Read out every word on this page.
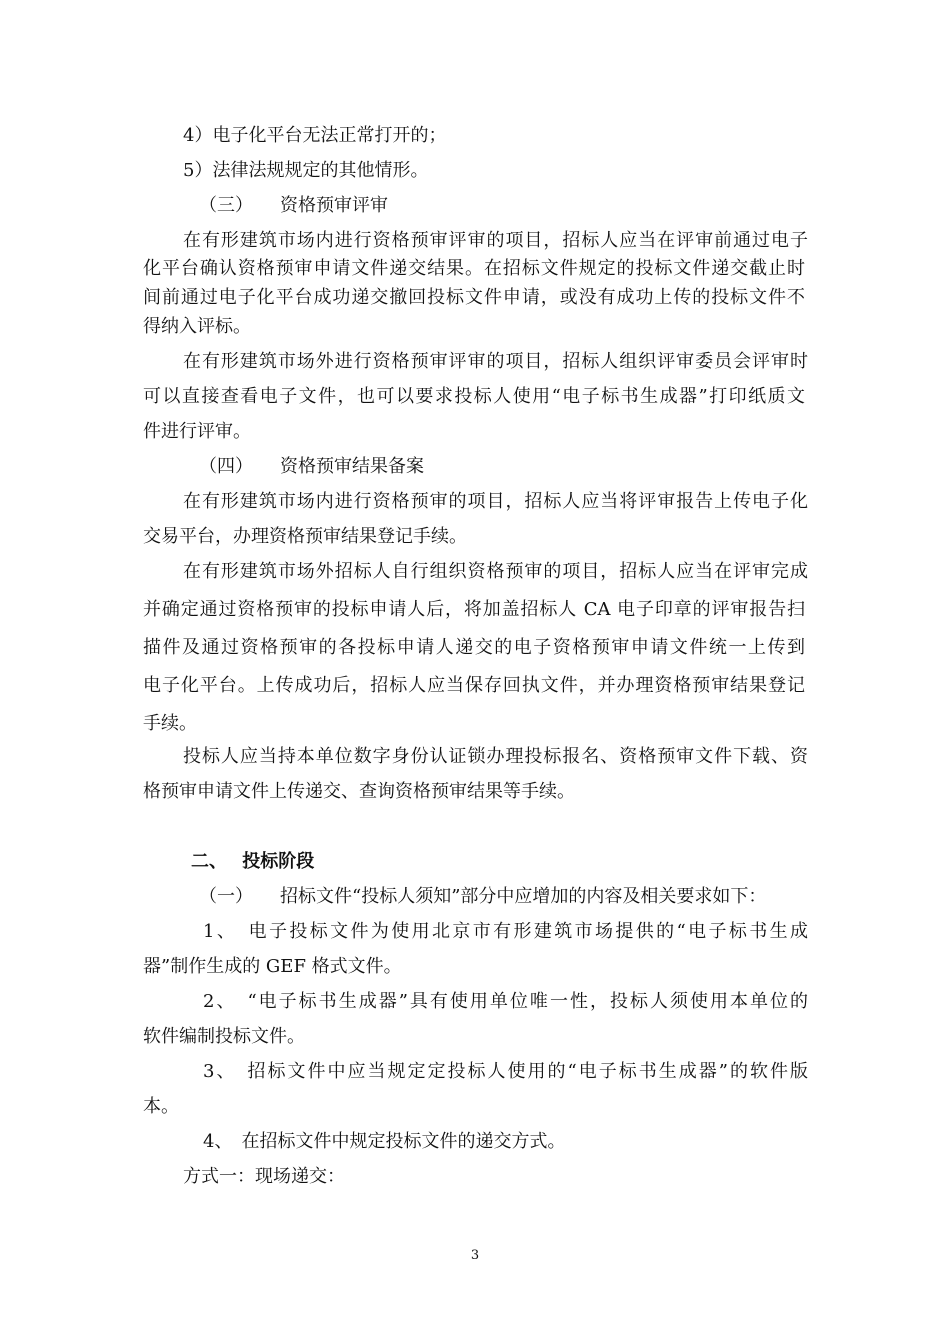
4）电子化平台无法正常打开的；
5）法律法规规定的其他情形。
（三）　　资格预审评审
在有形建筑市场内进行资格预审评审的项目，招标人应当在评审前通过电子
化平台确认资格预审申请文件递交结果。在招标文件规定的投标文件递交截止时
间前通过电子化平台成功递交撤回投标文件申请，或没有成功上传的投标文件不
得纳入评标。
在有形建筑市场外进行资格预审评审的项目，招标人组织评审委员会评审时
可以直接查看电子文件，也可以要求投标人使用“电子标书生成器”打印纸质文
件进行评审。
（四）　　资格预审结果备案
在有形建筑市场内进行资格预审的项目，招标人应当将评审报告上传电子化
交易平台，办理资格预审结果登记手续。
在有形建筑市场外招标人自行组织资格预审的项目，招标人应当在评审完成
并确定通过资格预审的投标申请人后，将加盖招标人 CA 电子印章的评审报告扫
描件及通过资格预审的各投标申请人递交的电子资格预审申请文件统一上传到
电子化平台。上传成功后，招标人应当保存回执文件，并办理资格预审结果登记
手续。
投标人应当持本单位数字身份认证锁办理投标报名、资格预审文件下载、资
格预审申请文件上传递交、查询资格预审结果等手续。
二、　 投标阶段
（一）　　招标文件“投标人须知”部分中应增加的内容及相关要求如下：
1、　电子投标文件为使用北京市有形建筑市场提供的“电子标书生成
器”制作生成的 GEF 格式文件。
2、　“电子标书生成器”具有使用单位唯一性，投标人须使用本单位的
软件编制投标文件。
3、　招标文件中应当规定定投标人使用的“电子标书生成器”的软件版
本。
4、　在招标文件中规定投标文件的递交方式。
方式一：现场递交：
3
